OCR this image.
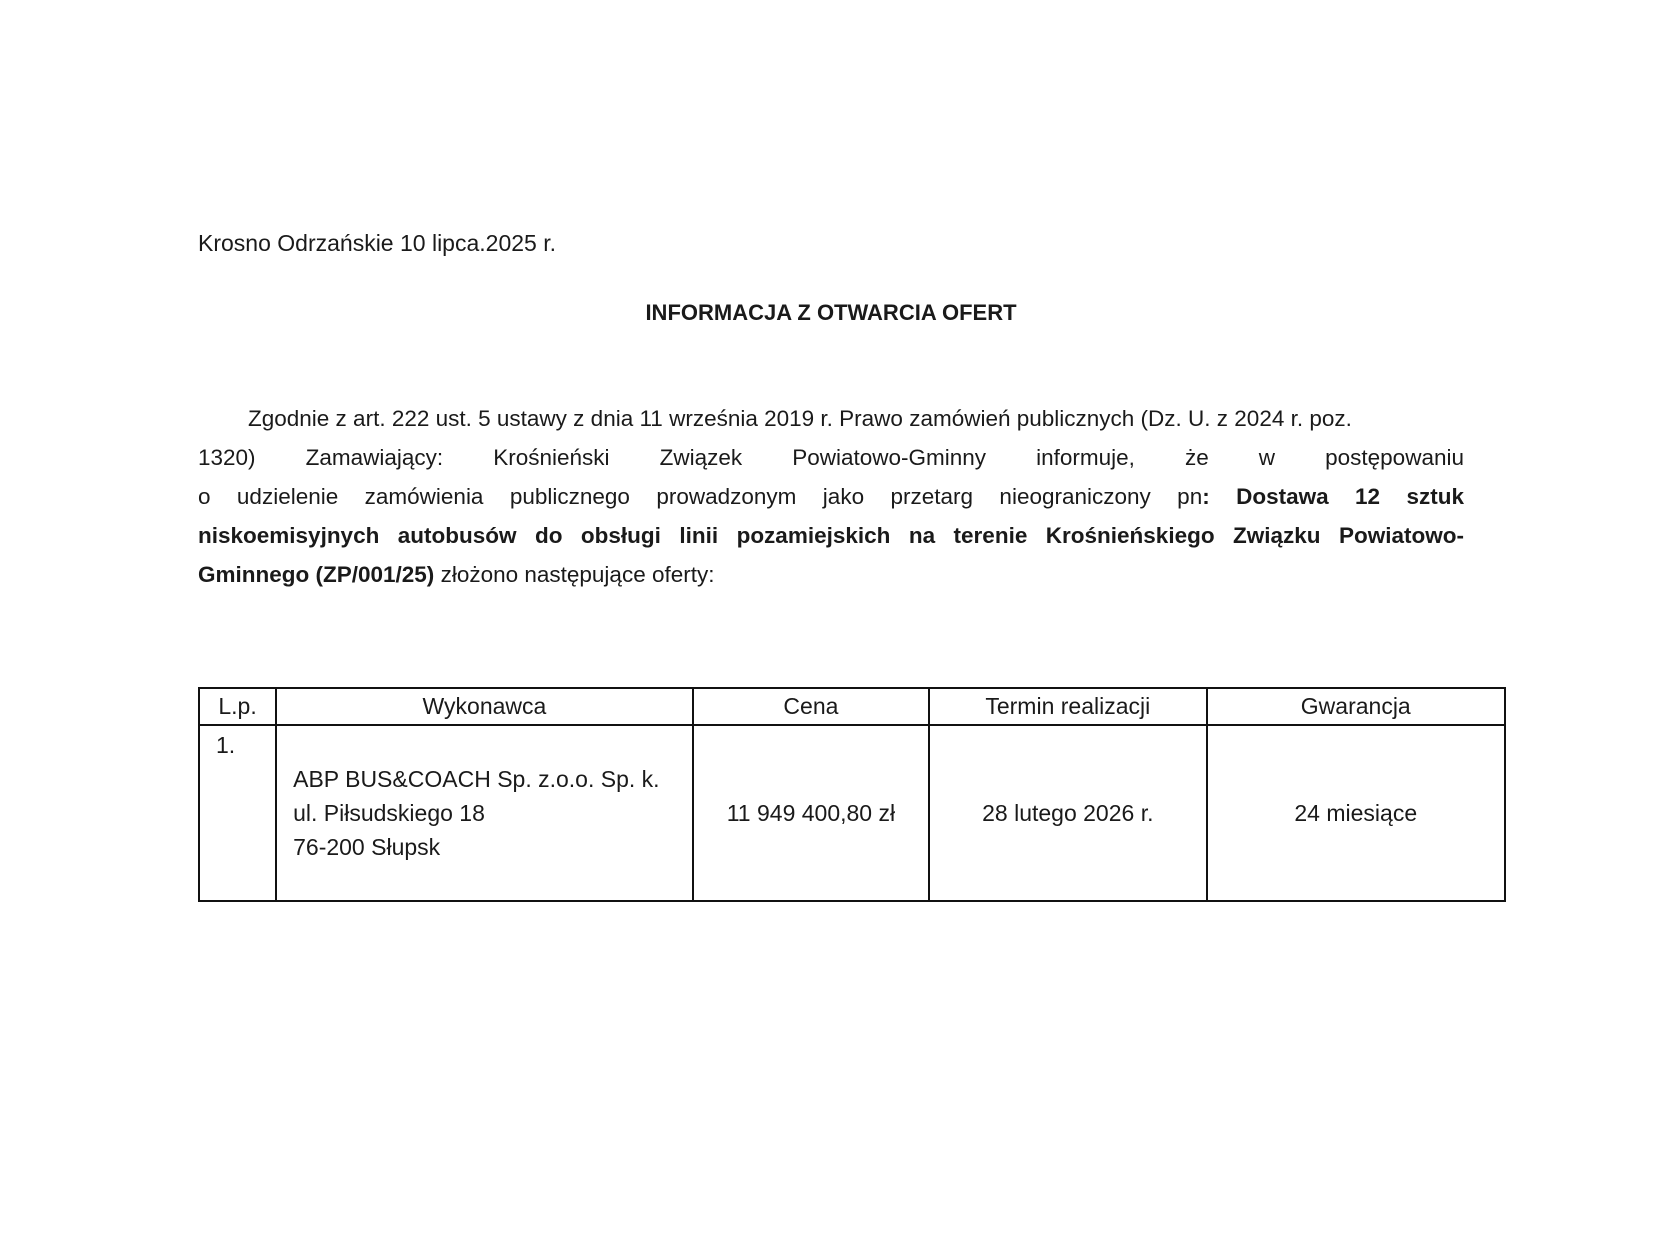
Krosno Odrzańskie 10 lipca.2025 r.
INFORMACJA Z OTWARCIA OFERT
Zgodnie z art. 222 ust. 5 ustawy z dnia 11 września 2019 r. Prawo zamówień publicznych (Dz. U. z 2024 r. poz.
1320) Zamawiający: Krośnieński Związek Powiatowo-Gminny informuje, że w postępowaniu
o udzielenie zamówienia publicznego prowadzonym jako przetarg nieograniczony pn: Dostawa 12 sztuk
niskoemisyjnych autobusów do obsługi linii pozamiejskich na terenie Krośnieńskiego Związku Powiatowo-
Gminnego (ZP/001/25) złożono następujące oferty:
L.p.	Wykonawca	Cena	Termin realizacji	Gwarancja
1.	ABP BUS&COACH Sp. z.o.o. Sp. k.
ul. Piłsudskiego 18
76-200 Słupsk	11 949 400,80 zł	28 lutego 2026 r.	24 miesiące
